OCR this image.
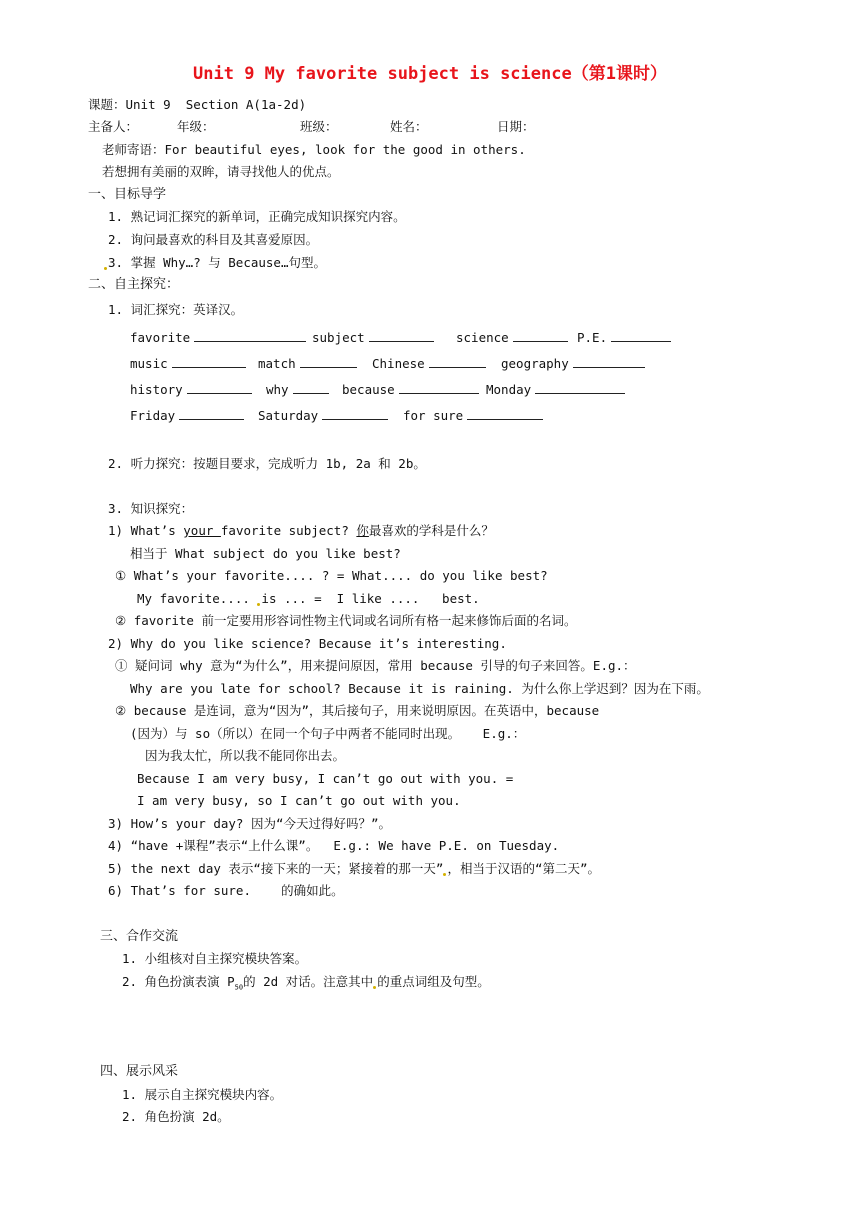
Unit 9 My favorite subject is science（第1课时）
课题：Unit 9  Section A(1a-2d)
主备人：	年级：	班级：	姓名：	日期：
老师寄语：For beautiful eyes, look for the good in others.
若想拥有美丽的双眸，请寻找他人的优点。
一、目标导学
1. 熟记词汇探究的新单词，正确完成知识探究内容。
2. 询问最喜欢的科目及其喜爱原因。
3. 掌握 Why…? 与 Because…句型。
二、自主探究：
1. 词汇探究：英译汉。
favorite	subject	science	P.E.
music	match	Chinese	geography
history	why	because	Monday
Friday	Saturday	for sure
2. 听力探究：按题目要求，完成听力 1b, 2a 和 2b。
3. 知识探究：
1) What’s your favorite subject? 你最喜欢的学科是什么？
相当于 What subject do you like best?
① What’s your favorite.... ? = What.... do you like best?
My favorite.... is ... =  I like ....   best.
② favorite 前一定要用形容词性物主代词或名词所有格一起来修饰后面的名词。
2) Why do you like science? Because it’s interesting.
① 疑问词 why 意为“为什么”，用来提问原因，常用 because 引导的句子来回答。E.g.：
Why are you late for school? Because it is raining. 为什么你上学迟到？因为在下雨。
② because 是连词，意为“因为”，其后接句子，用来说明原因。在英语中，because
(因为）与 so（所以）在同一个句子中两者不能同时出现。   E.g.：
因为我太忙，所以我不能同你出去。
Because I am very busy, I can’t go out with you. =
I am very busy, so I can’t go out with you.
3) How’s your day? 因为“今天过得好吗？”。
4) “have +课程”表示“上什么课”。  E.g.: We have P.E. on Tuesday.
5) the next day 表示“接下来的一天；紧接着的那一天” ，相当于汉语的“第二天”。
6) That’s for sure.    的确如此。
三、合作交流
1. 小组核对自主探究模块答案。
2. 角色扮演表演 $P_{50}$的 2d 对话。注意其中 的重点词组及句型。
四、展示风采
1. 展示自主探究模块内容。
2. 角色扮演 2d。
